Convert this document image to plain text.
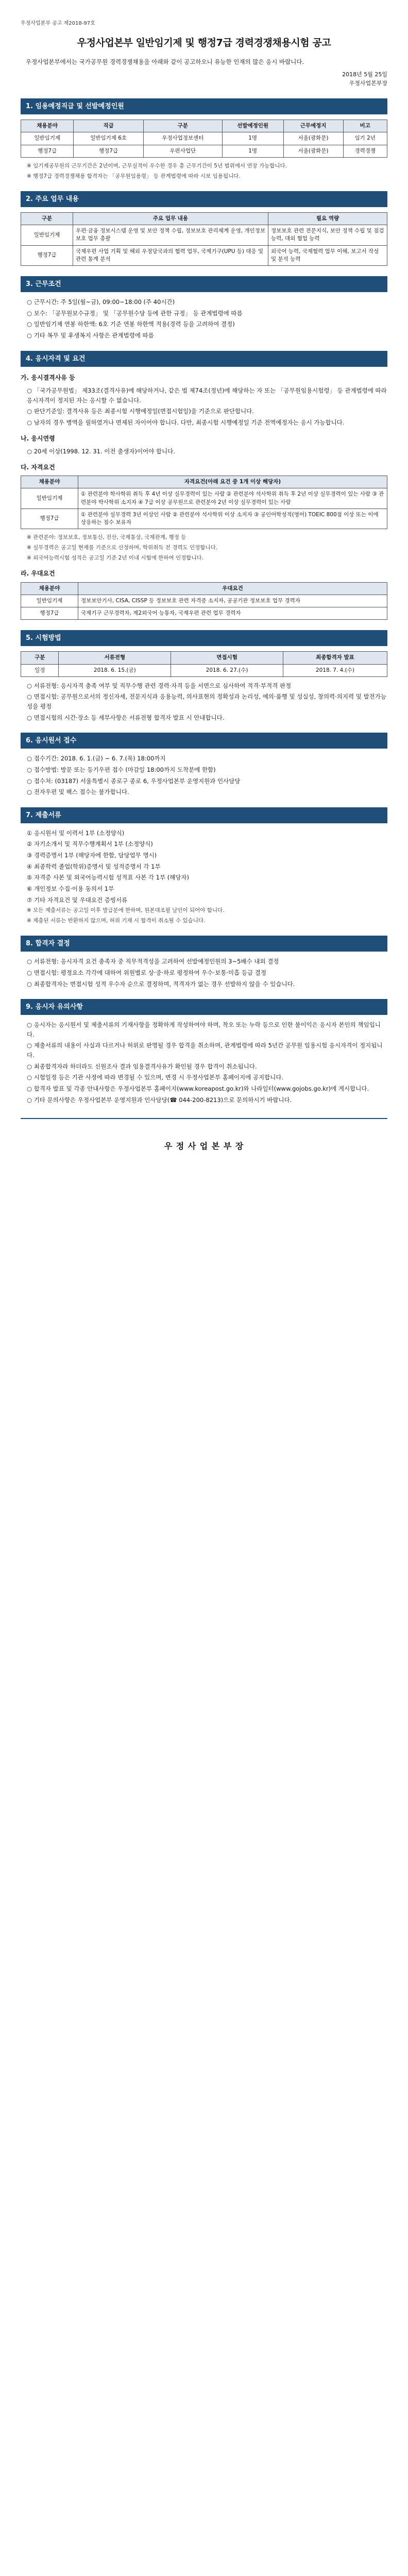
우정사업본부 공고 제2018-97호
우정사업본부 일반임기제 및 행정7급 경력경쟁채용시험 공고

우정사업본부에서는 국가공무원 경력경쟁채용을 아래와 같이 공고하오니 유능한 인재의 많은 응시 바랍니다.

2018년 5월 25일
우정사업본부장
1. 임용예정직급 및 선발예정인원
채용분야	직급	구분	선발예정인원	근무예정지	비고
일반임기제	일반임기제 6호	우정사업정보센터	1명	서울(광화문)	임기 2년
행정7급	행정7급	우편사업단	1명	서울(광화문)	경력경쟁
※ 임기제공무원의 근무기간은 2년이며, 근무실적이 우수한 경우 총 근무기간이 5년 범위에서 연장 가능합니다.
※ 행정7급 경력경쟁채용 합격자는 「공무원임용령」 등 관계법령에 따라 시보 임용됩니다.
2. 주요 업무 내용
구분	주요 업무 내용	필요 역량
일반임기제	우편·금융 정보시스템 운영 및 보안 정책 수립, 정보보호 관리체계 운영, 개인정보 보호 업무 총괄	정보보호 관련 전문지식, 보안 정책 수립 및 점검 능력, 대외 협업 능력
행정7급	국제우편 사업 기획 및 해외 우정당국과의 협력 업무, 국제기구(UPU 등) 대응 및 관련 통계 분석	외국어 능력, 국제협력 업무 이해, 보고서 작성 및 분석 능력
3. 근무조건
○ 근무시간: 주 5일(월~금), 09:00~18:00 (주 40시간)
○ 보수: 「공무원보수규정」 및 「공무원수당 등에 관한 규정」 등 관계법령에 따름
○ 일반임기제 연봉 하한액: 6호 기준 연봉 하한액 적용(경력 등을 고려하여 결정)
○ 기타 복무 및 후생복지 사항은 관계법령에 따름
4. 응시자격 및 요건
가. 응시결격사유 등
○ 「국가공무원법」 제33조(결격사유)에 해당하거나, 같은 법 제74조(정년)에 해당하는 자 또는 「공무원임용시험령」 등 관계법령에 따라 응시자격이 정지된 자는 응시할 수 없습니다.
○ 판단기준일: 결격사유 등은 최종시험 시행예정일(면접시험일)을 기준으로 판단합니다.
○ 남자의 경우 병역을 필하였거나 면제된 자이어야 합니다. 다만, 최종시험 시행예정일 기준 전역예정자는 응시 가능합니다.
나. 응시연령
○ 20세 이상(1998. 12. 31. 이전 출생자)이어야 합니다.
다. 자격요건
채용분야	자격요건(아래 요건 중 1개 이상 해당자)
일반임기제	① 관련분야 학사학위 취득 후 4년 이상 실무경력이 있는 사람 ② 관련분야 석사학위 취득 후 2년 이상 실무경력이 있는 사람 ③ 관련분야 박사학위 소지자 ④ 7급 이상 공무원으로 관련분야 2년 이상 실무경력이 있는 사람
행정7급	① 관련분야 실무경력 3년 이상인 사람 ② 관련분야 석사학위 이상 소지자 ③ 공인어학성적(영어) TOEIC 800점 이상 또는 이에 상응하는 점수 보유자
※ 관련분야: 정보보호, 정보통신, 전산, 국제통상, 국제관계, 행정 등
※ 실무경력은 공고일 현재를 기준으로 산정하며, 학위취득 전 경력도 인정합니다.
※ 외국어능력시험 성적은 공고일 기준 2년 이내 시험에 한하여 인정합니다.
라. 우대요건
채용분야	우대요건
일반임기제	정보보안기사, CISA, CISSP 등 정보보호 관련 자격증 소지자, 공공기관 정보보호 업무 경력자
행정7급	국제기구 근무경력자, 제2외국어 능통자, 국제우편 관련 업무 경력자
5. 시험방법
구분	서류전형	면접시험	최종합격자 발표
일정	2018. 6. 15.(금)	2018. 6. 27.(수)	2018. 7. 4.(수)
○ 서류전형: 응시자격 충족 여부 및 직무수행 관련 경력·자격 등을 서면으로 심사하여 적격·부적격 판정
○ 면접시험: 공무원으로서의 정신자세, 전문지식과 응용능력, 의사표현의 정확성과 논리성, 예의·품행 및 성실성, 창의력·의지력 및 발전가능성을 평정
○ 면접시험의 시간·장소 등 세부사항은 서류전형 합격자 발표 시 안내합니다.
6. 응시원서 접수
○ 접수기간: 2018. 6. 1.(금) ~ 6. 7.(목) 18:00까지
○ 접수방법: 방문 또는 등기우편 접수 (마감일 18:00까지 도착분에 한함)
○ 접수처: (03187) 서울특별시 종로구 종로 6, 우정사업본부 운영지원과 인사담당
○ 전자우편 및 팩스 접수는 불가합니다.
7. 제출서류
① 응시원서 및 이력서 1부 (소정양식)
② 자기소개서 및 직무수행계획서 1부 (소정양식)
③ 경력증명서 1부 (해당자에 한함, 담당업무 명시)
④ 최종학력 졸업(학위)증명서 및 성적증명서 각 1부
⑤ 자격증 사본 및 외국어능력시험 성적표 사본 각 1부 (해당자)
⑥ 개인정보 수집·이용 동의서 1부
⑦ 기타 자격요건 및 우대요건 증빙서류
※ 모든 제출서류는 공고일 이후 발급분에 한하며, 원본대조필 날인이 되어야 합니다.
※ 제출된 서류는 반환하지 않으며, 허위 기재 시 합격이 취소될 수 있습니다.
8. 합격자 결정
○ 서류전형: 응시자격 요건 충족자 중 직무적격성을 고려하여 선발예정인원의 3~5배수 내외 결정
○ 면접시험: 평정요소 각각에 대하여 위원별로 상·중·하로 평정하여 우수·보통·미흡 등급 결정
○ 최종합격자는 면접시험 성적 우수자 순으로 결정하며, 적격자가 없는 경우 선발하지 않을 수 있습니다.
9. 응시자 유의사항
○ 응시자는 응시원서 및 제출서류의 기재사항을 정확하게 작성하여야 하며, 착오 또는 누락 등으로 인한 불이익은 응시자 본인의 책임입니다.
○ 제출서류의 내용이 사실과 다르거나 허위로 판명될 경우 합격을 취소하며, 관계법령에 따라 5년간 공무원 임용시험 응시자격이 정지됩니다.
○ 최종합격자라 하더라도 신원조사 결과 임용결격사유가 확인될 경우 합격이 취소됩니다.
○ 시험일정 등은 기관 사정에 따라 변경될 수 있으며, 변경 시 우정사업본부 홈페이지에 공지합니다.
○ 합격자 발표 및 각종 안내사항은 우정사업본부 홈페이지(www.koreapost.go.kr)와 나라일터(www.gojobs.go.kr)에 게시합니다.
○ 기타 문의사항은 우정사업본부 운영지원과 인사담당(☎ 044-200-8213)으로 문의하시기 바랍니다.
우 정 사 업 본 부 장
